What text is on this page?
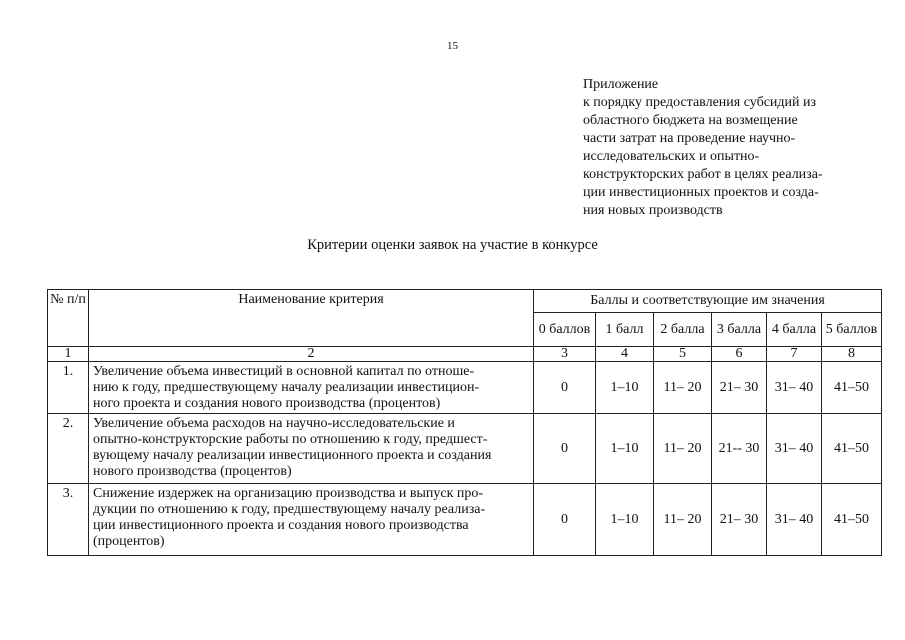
15
Приложение
к порядку предоставления субсидий из
областного бюджета на возмещение
части затрат на проведение научно-
исследовательских и опытно-
конструкторских работ в целях реализа-
ции инвестиционных проектов и созда-
ния новых производств
Критерии оценки заявок на участие в конкурсе
№ п/п	Наименование критерия	Баллы и соответствующие им значения					
		0 баллов	1 балл	2 балла	3 балла	4 балла	5 баллов
1	2	3	4	5	6	7	8
1.	Увеличение объема инвестиций в основной капитал по отноше-
нию к году, предшествующему началу реализации инвестицион-
ного проекта и создания нового производства (процентов)	0	1–10	11– 20	21– 30	31– 40	41–50
2.	Увеличение объема расходов на научно-исследовательские и
опытно-конструкторские работы по отношению к году, предшест-
вующему началу реализации инвестиционного проекта и создания
нового производства (процентов)	0	1–10	11– 20	21-- 30	31– 40	41–50
3.	Снижение издержек на организацию производства и выпуск про-
дукции по отношению к году, предшествующему началу реализа-
ции инвестиционного проекта и создания нового производства
(процентов)	0	1–10	11– 20	21– 30	31– 40	41–50
